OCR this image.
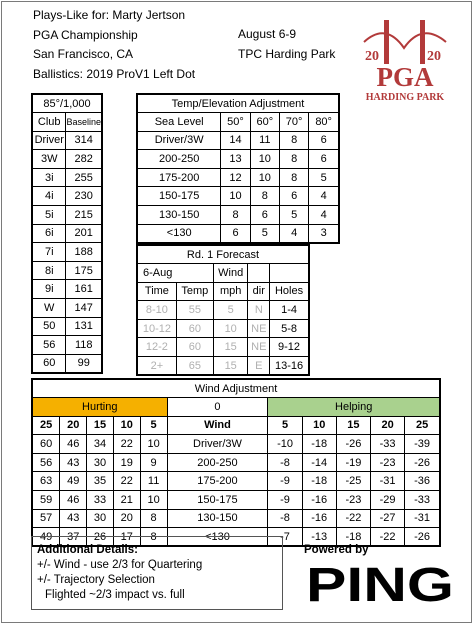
Plays-Like for: Marty Jertson
PGA Championship
San Francisco, CA
Ballistics: 2019 ProV1 Left Dot
August 6-9
TPC Harding Park 20	20
PGA
HARDING PARK
85°/1,000	
Club	Baseline
Driver	314
3W	282
3i	255
4i	230
5i	215
6i	201
7i	188
8i	175
9i	161
W	147
50	131
56	118
60	99
Temp/Elevation Adjustment				
Sea Level	50°	60°	70°	80°
Driver/3W	14	11	8	6
200-250	13	10	8	6
175-200	12	10	8	5
150-175	10	8	6	4
130-150	8	6	5	4
<130	6	5	4	3
Rd. 1 Forecast				
6-Aug		Wind		
Time	Temp	mph	dir	Holes
8-10	55	5	N	1-4
10-12	60	10	NE	5-8
12-2	60	15	NE	9-12
2+	65	15	E	13-16
Wind Adjustment										
Hurting					0	Helping				
25	20	15	10	5	Wind	5	10	15	20	25
60	46	34	22	10	Driver/3W	-10	-18	-26	-33	-39
56	43	30	19	9	200-250	-8	-14	-19	-23	-26
63	49	35	22	11	175-200	-9	-18	-25	-31	-36
59	46	33	21	10	150-175	-9	-16	-23	-29	-33
57	43	30	20	8	130-150	-8	-16	-22	-27	-31
49	37	26	17	8	<130	-7	-13	-18	-22	-26
Additional Details:
+/- Wind - use 2/3 for Quartering
+/- Trajectory Selection
Flighted ~2/3 impact vs. full
Powered by
PING
